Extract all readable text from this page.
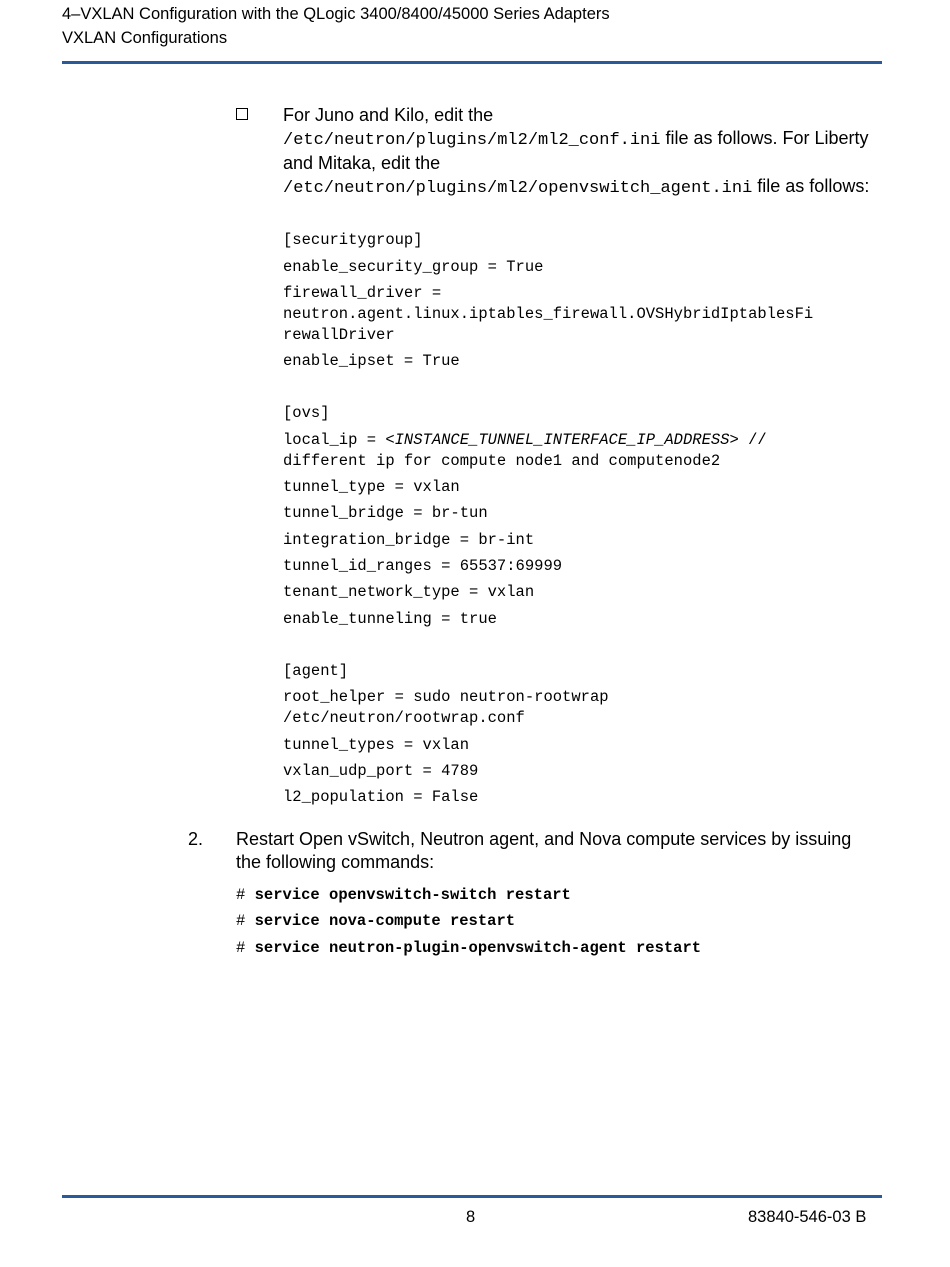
4–VXLAN Configuration with the QLogic 3400/8400/45000 Series Adapters
VXLAN Configurations
For Juno and Kilo, edit the
/etc/neutron/plugins/ml2/ml2_conf.ini file as follows. For Liberty and Mitaka, edit the
/etc/neutron/plugins/ml2/openvswitch_agent.ini file as follows:
[securitygroup]
enable_security_group = True
firewall_driver =
neutron.agent.linux.iptables_firewall.OVSHybridIptablesFi
rewallDriver
enable_ipset = True
[ovs]
local_ip = <INSTANCE_TUNNEL_INTERFACE_IP_ADDRESS> //
different ip for compute node1 and computenode2
tunnel_type = vxlan
tunnel_bridge = br-tun
integration_bridge = br-int
tunnel_id_ranges = 65537:69999
tenant_network_type = vxlan
enable_tunneling = true
[agent]
root_helper = sudo neutron-rootwrap
/etc/neutron/rootwrap.conf
tunnel_types = vxlan
vxlan_udp_port = 4789
l2_population = False
2. Restart Open vSwitch, Neutron agent, and Nova compute services by issuing the following commands:
# service openvswitch-switch restart
# service nova-compute restart
# service neutron-plugin-openvswitch-agent restart
8	83840-546-03 B
